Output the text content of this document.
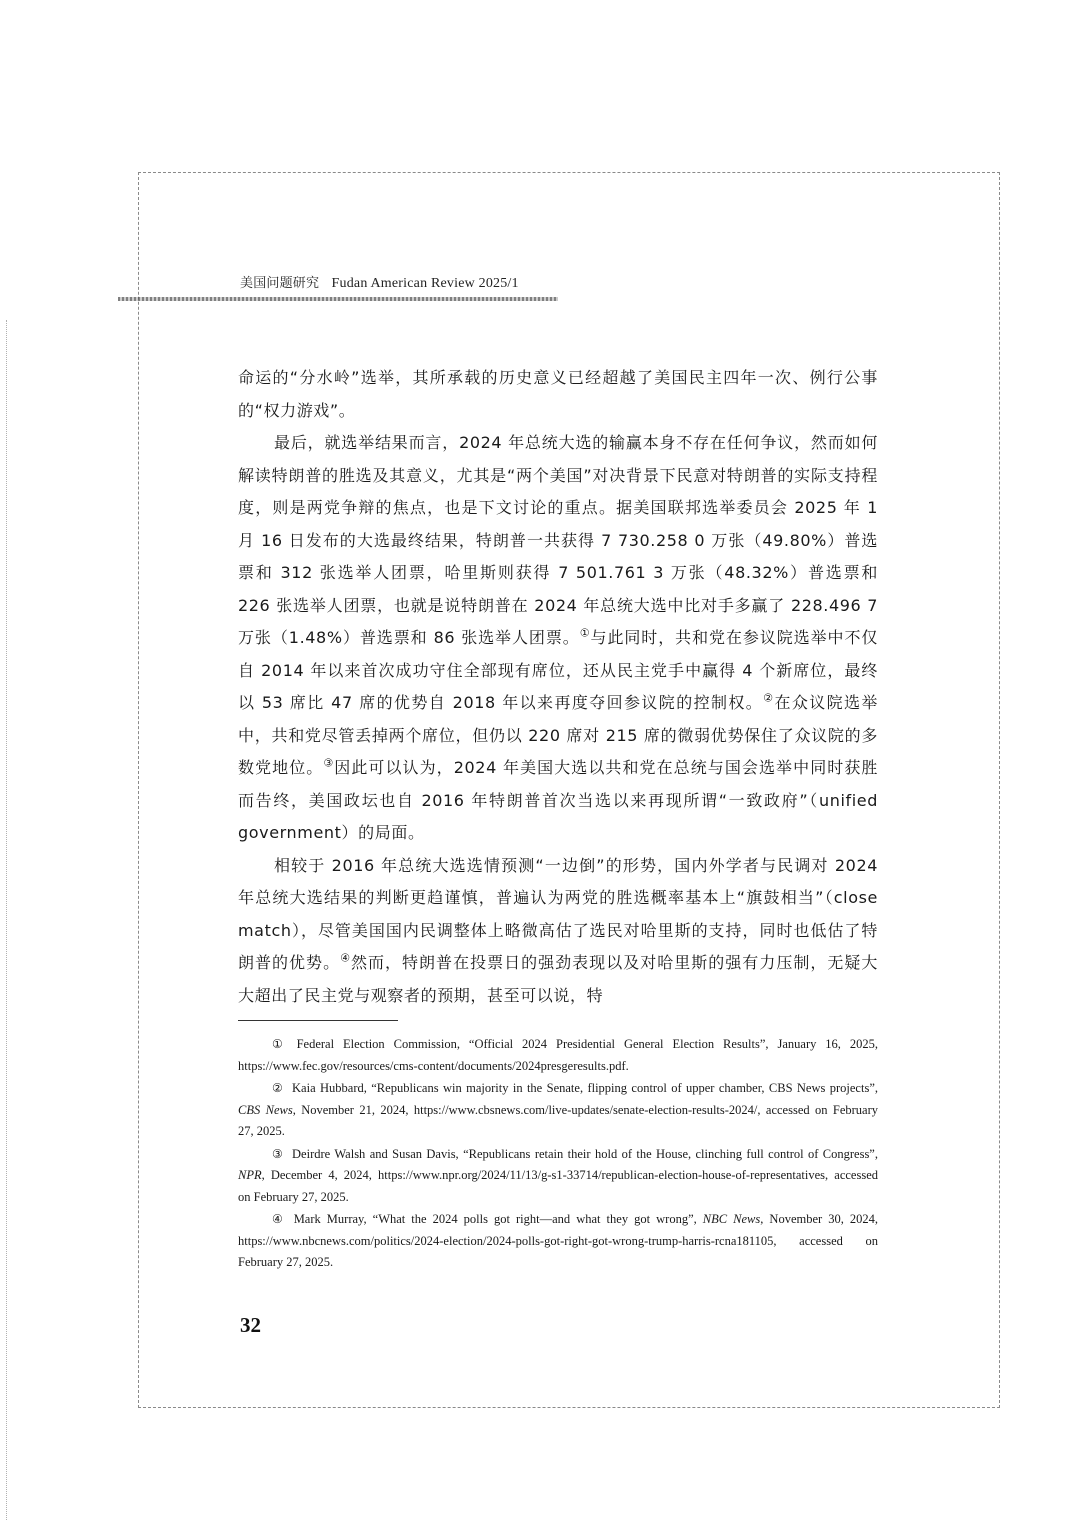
美国问题研究 Fudan American Review 2025/1

命运的“分水岭”选举，其所承载的历史意义已经超越了美国民主四年一次、例行公事的“权力游戏”。

最后，就选举结果而言，2024 年总统大选的输赢本身不存在任何争议，然而如何解读特朗普的胜选及其意义，尤其是“两个美国”对决背景下民意对特朗普的实际支持程度，则是两党争辩的焦点，也是下文讨论的重点。据美国联邦选举委员会 2025 年 1 月 16 日发布的大选最终结果，特朗普一共获得 7 730.258 0 万张（49.80%）普选票和 312 张选举人团票，哈里斯则获得 7 501.761 3 万张（48.32%）普选票和 226 张选举人团票，也就是说特朗普在 2024 年总统大选中比对手多赢了 228.496 7 万张（1.48%）普选票和 86 张选举人团票。①与此同时，共和党在参议院选举中不仅自 2014 年以来首次成功守住全部现有席位，还从民主党手中赢得 4 个新席位，最终以 53 席比 47 席的优势自 2018 年以来再度夺回参议院的控制权。②在众议院选举中，共和党尽管丢掉两个席位，但仍以 220 席对 215 席的微弱优势保住了众议院的多数党地位。③因此可以认为，2024 年美国大选以共和党在总统与国会选举中同时获胜而告终，美国政坛也自 2016 年特朗普首次当选以来再现所谓“一致政府”（unified government）的局面。

相较于 2016 年总统大选选情预测“一边倒”的形势，国内外学者与民调对 2024 年总统大选结果的判断更趋谨慎，普遍认为两党的胜选概率基本上“旗鼓相当”（close match），尽管美国国内民调整体上略微高估了选民对哈里斯的支持，同时也低估了特朗普的优势。④然而，特朗普在投票日的强劲表现以及对哈里斯的强有力压制，无疑大大超出了民主党与观察者的预期，甚至可以说，特

① Federal Election Commission, “Official 2024 Presidential General Election Results”, January 16, 2025, https://www.fec.gov/resources/cms-content/documents/2024presgeresults.pdf.

② Kaia Hubbard, “Republicans win majority in the Senate, flipping control of upper chamber, CBS News projects”, CBS News, November 21, 2024, https://www.cbsnews.com/live-updates/senate-election-results-2024/, accessed on February 27, 2025.

③ Deirdre Walsh and Susan Davis, “Republicans retain their hold of the House, clinching full control of Congress”, NPR, December 4, 2024, https://www.npr.org/2024/11/13/g-s1-33714/republican-election-house-of-representatives, accessed on February 27, 2025.

④ Mark Murray, “What the 2024 polls got right—and what they got wrong”, NBC News, November 30, 2024, https://www.nbcnews.com/politics/2024-election/2024-polls-got-right-got-wrong-trump-harris-rcna181105, accessed on February 27, 2025.

32
